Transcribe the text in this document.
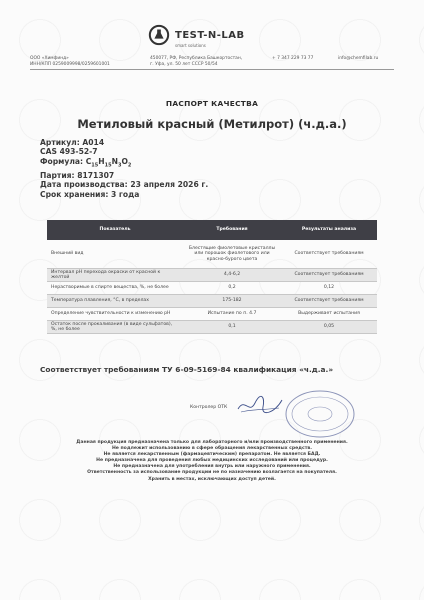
TEST-N-LAB
smart solutions
ООО «Химфинд»
ИНН/КПП 0259009998/0259601001
450077, РФ, Республика Башкортостан,
г. Уфа, ул. 50 лет СССР 50/54
+ 7 347 229 73 77	info@chemfilab.ru
ПАСПОРТ КАЧЕСТВА
Метиловый красный (Метилрот) (ч.д.а.)
Артикул: A014
CAS 493-52-7
Формула: $C_{15}H_{15}N_3O_2$
Партия: 8171307
Дата производства: 23 апреля 2026 г.
Срок хранения: 3 года
Показатель	Требования	Результаты анализа
Внешний вид	Блестящие фиолетовые кристаллы или порошок фиолетового или красно-бурого цвета	Соответствует требованиям
Интервал pH перехода окраски от красной к желтой	4,4-6,2	Соответствует требованиям
Нерастворимые в спирте вещества, %, не более	0,2	0,12
Температура плавления, °С, в пределах	175-182	Соответствует требованиям
Определение чувствительности к изменению pH	Испытание по п. 4.7	Выдерживает испытания
Остаток после прокаливания (в виде сульфатов), %, не более	0,1	0,05
Соответствует требованиям ТУ 6-09-5169-84 квалификация «ч.д.а.»
Контролер ОТК
Данная продукция предназначена только для лабораторного и/или производственного применения.
Не подлежит использованию в сфере обращения лекарственных средств.
Не является лекарственным (фармацевтическим) препаратом. Не является БАД.
Не предназначена для проведения любых медицинских исследований или процедур.
Не предназначена для употребления внутрь или наружного применения.
Ответственность за использование продукции не по назначению возлагается на покупателя.
Хранить в местах, исключающих доступ детей.
